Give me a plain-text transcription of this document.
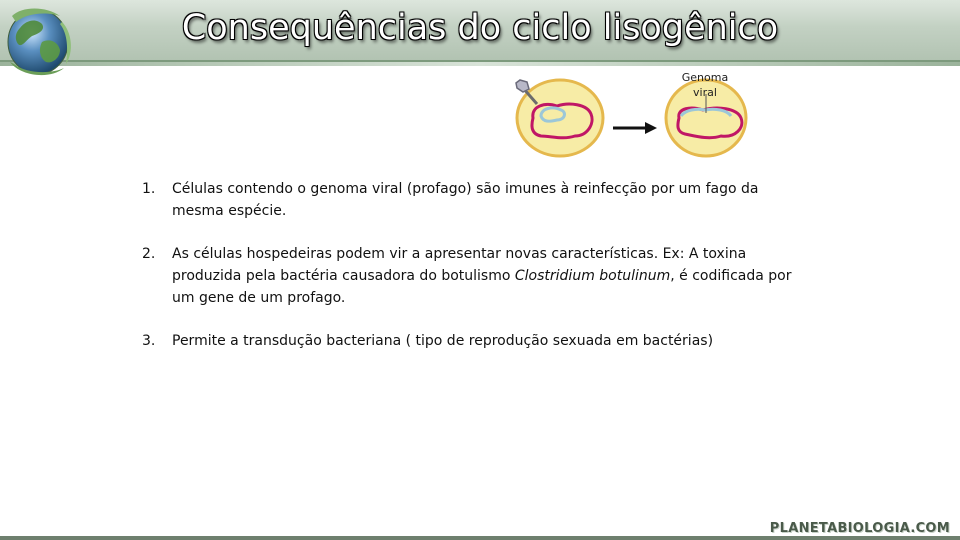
Consequências do ciclo lisogênico
Genoma
viral
1.	Células contendo o genoma viral (profago) são imunes à reinfecção por um fago da mesma espécie.
2.	As células hospedeiras podem vir a apresentar novas características. Ex: A toxina produzida pela bactéria causadora do botulismo Clostridium botulinum, é codificada por um gene de um profago.
3.	Permite a transdução bacteriana ( tipo de reprodução sexuada em bactérias)
PLANETABIOLOGIA.COM
